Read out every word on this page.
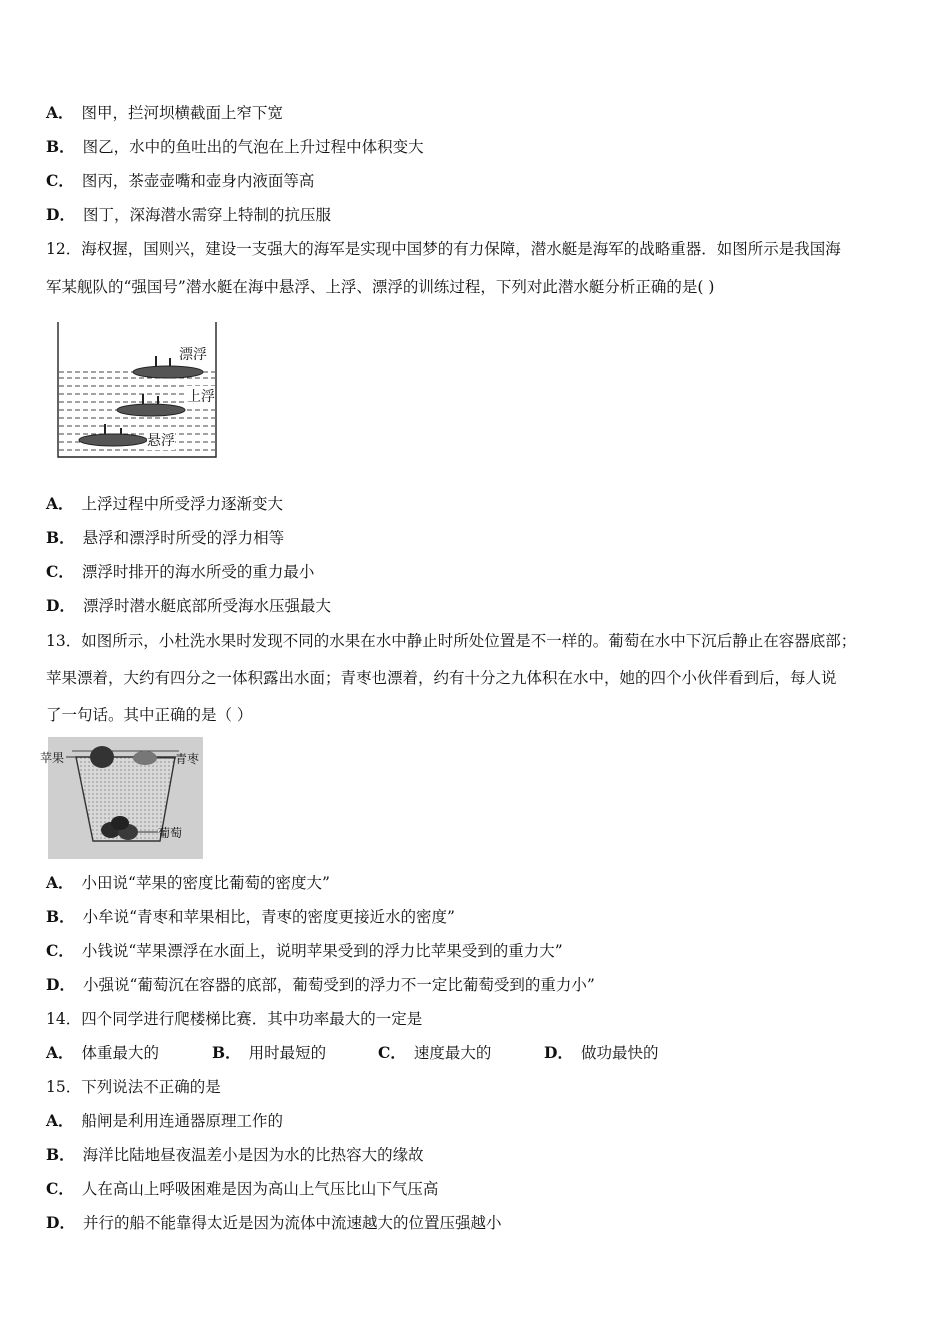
A． 图甲，拦河坝横截面上窄下宽
B． 图乙，水中的鱼吐出的气泡在上升过程中体积变大
C． 图丙，茶壶壶嘴和壶身内液面等高
D． 图丁，深海潜水需穿上特制的抗压服
12．海权握，国则兴，建设一支强大的海军是实现中国梦的有力保障，潜水艇是海军的战略重器．如图所示是我国海
军某舰队的“强国号”潜水艇在海中悬浮、上浮、漂浮的训练过程，下列对此潜水艇分析正确的是( )
漂浮
上浮
悬浮
A． 上浮过程中所受浮力逐渐变大
B． 悬浮和漂浮时所受的浮力相等
C． 漂浮时排开的海水所受的重力最小
D． 漂浮时潜水艇底部所受海水压强最大
13．如图所示，小杜洗水果时发现不同的水果在水中静止时所处位置是不一样的。葡萄在水中下沉后静止在容器底部；
苹果漂着，大约有四分之一体积露出水面；青枣也漂着，约有十分之九体积在水中，她的四个小伙伴看到后，每人说
了一句话。其中正确的是（ ）
苹果	青枣
葡萄
A． 小田说“苹果的密度比葡萄的密度大”
B． 小牟说“青枣和苹果相比，青枣的密度更接近水的密度”
C． 小钱说“苹果漂浮在水面上，说明苹果受到的浮力比苹果受到的重力大”
D． 小强说“葡萄沉在容器的底部，葡萄受到的浮力不一定比葡萄受到的重力小”
14．四个同学进行爬楼梯比赛．其中功率最大的一定是
A． 体重最大的	B． 用时最短的	C． 速度最大的	D． 做功最快的
15．下列说法不正确的是
A． 船闸是利用连通器原理工作的
B． 海洋比陆地昼夜温差小是因为水的比热容大的缘故
C． 人在高山上呼吸困难是因为高山上气压比山下气压高
D． 并行的船不能靠得太近是因为流体中流速越大的位置压强越小
